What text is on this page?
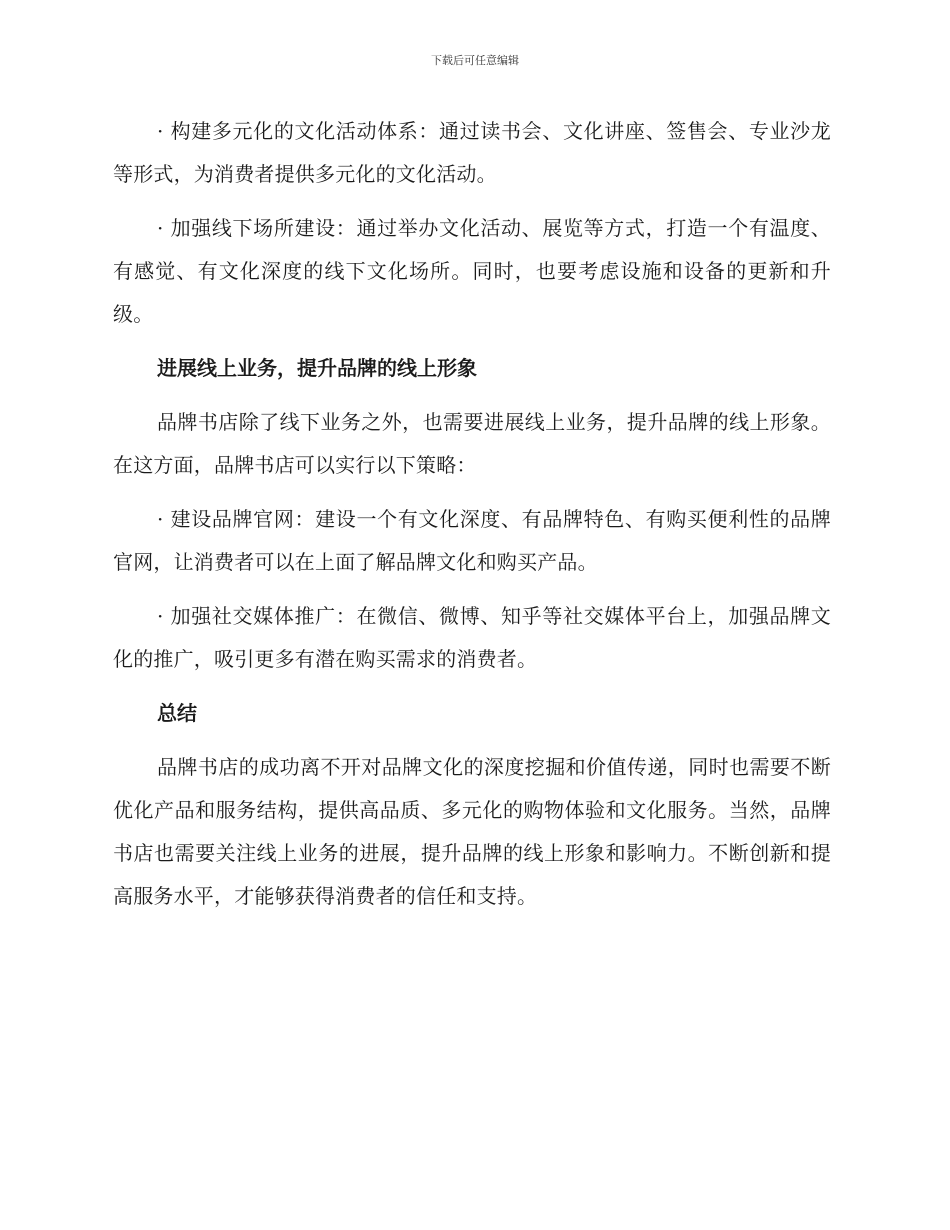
下载后可任意编辑

· 构建多元化的文化活动体系：通过读书会、文化讲座、签售会、专业沙龙等形式，为消费者提供多元化的文化活动。

· 加强线下场所建设：通过举办文化活动、展览等方式，打造一个有温度、有感觉、有文化深度的线下文化场所。同时，也要考虑设施和设备的更新和升级。

进展线上业务，提升品牌的线上形象

品牌书店除了线下业务之外，也需要进展线上业务，提升品牌的线上形象。在这方面，品牌书店可以实行以下策略：

· 建设品牌官网：建设一个有文化深度、有品牌特色、有购买便利性的品牌官网，让消费者可以在上面了解品牌文化和购买产品。

· 加强社交媒体推广：在微信、微博、知乎等社交媒体平台上，加强品牌文化的推广，吸引更多有潜在购买需求的消费者。

总结

品牌书店的成功离不开对品牌文化的深度挖掘和价值传递，同时也需要不断优化产品和服务结构，提供高品质、多元化的购物体验和文化服务。当然，品牌书店也需要关注线上业务的进展，提升品牌的线上形象和影响力。不断创新和提高服务水平，才能够获得消费者的信任和支持。
